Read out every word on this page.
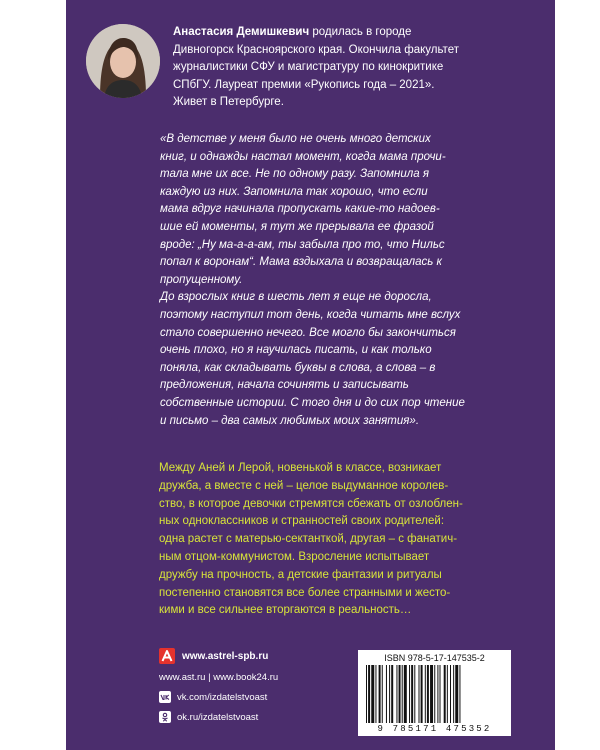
Анастасия Демишкевич родилась в городе
Дивногорск Красноярского края. Окончила факультет
журналистики СФУ и магистратуру по кинокритике
СПбГУ. Лауреат премии «Рукопись года – 2021».
Живет в Петербурге.
«В детстве у меня было не очень много детских
книг, и однажды настал момент, когда мама прочи-
тала мне их все. Не по одному разу. Запомнила я
каждую из них. Запомнила так хорошо, что если
мама вдруг начинала пропускать какие-то надоев-
шие ей моменты, я тут же прерывала ее фразой
вроде: „Ну ма-а-а-ам, ты забыла про то, что Нильс
попал к воронам“. Мама вздыхала и возвращалась к
пропущенному.
До взрослых книг в шесть лет я еще не доросла,
поэтому наступил тот день, когда читать мне вслух
стало совершенно нечего. Все могло бы закончиться
очень плохо, но я научилась писать, и как только
поняла, как складывать буквы в слова, а слова – в
предложения, начала сочинять и записывать
собственные истории. С того дня и до сих пор чтение
и письмо – два самых любимых моих занятия».
Между Аней и Лерой, новенькой в классе, возникает
дружба, а вместе с ней – целое выдуманное королев-
ство, в которое девочки стремятся сбежать от озлоблен-
ных одноклассников и странностей своих родителей:
одна растет с матерью-сектанткой, другая – с фанатич-
ным отцом-коммунистом. Взросление испытывает
дружбу на прочность, а детские фантазии и ритуалы
постепенно становятся все более странными и жесто-
кими и все сильнее вторгаются в реальность…
www.astrel-spb.ru
www.ast.ru | www.book24.ru
vk.com/izdatelstvoast
ok.ru/izdatelstvoast
ISBN 978-5-17-147535-2
9 785171 475352
